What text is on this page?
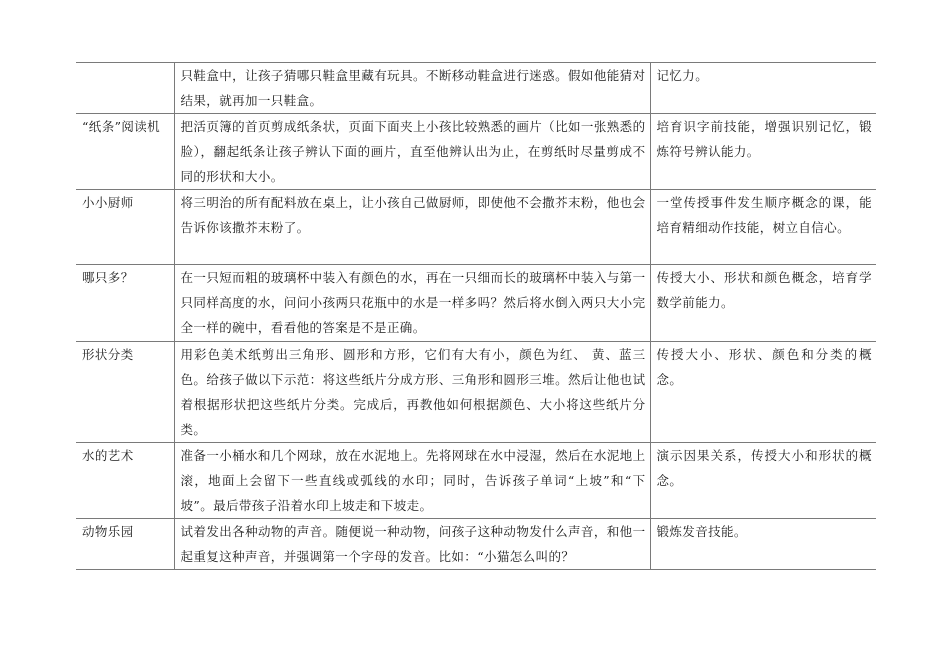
	只鞋盒中，让孩子猜哪只鞋盒里藏有玩具。不断移动鞋盒进行迷惑。假如他能猜对结果，就再加一只鞋盒。	记忆力。
“纸条”阅读机	把活页簿的首页剪成纸条状，页面下面夹上小孩比较熟悉的画片（比如一张熟悉的脸），翻起纸条让孩子辨认下面的画片，直至他辨认出为止，在剪纸时尽量剪成不同的形状和大小。	培育识字前技能，增强识别记忆，锻炼符号辨认能力。
小小厨师	将三明治的所有配料放在桌上，让小孩自己做厨师，即使他不会撒芥末粉，他也会告诉你该撒芥末粉了。	一堂传授事件发生顺序概念的课，能培育精细动作技能，树立自信心。
哪只多？	在一只短而粗的玻璃杯中装入有颜色的水，再在一只细而长的玻璃杯中装入与第一只同样高度的水，问问小孩两只花瓶中的水是一样多吗？然后将水倒入两只大小完全一样的碗中，看看他的答案是不是正确。	传授大小、形状和颜色概念，培育学数学前能力。
形状分类	用彩色美术纸剪出三角形、圆形和方形，它们有大有小，颜色为红、 黄、蓝三色。给孩子做以下示范：将这些纸片分成方形、三角形和圆形三堆。然后让他也试着根据形状把这些纸片分类。完成后，再教他如何根据颜色、大小将这些纸片分类。	传授大小、形状、颜色和分类的概念。
水的艺术	准备一小桶水和几个网球，放在水泥地上。先将网球在水中浸湿，然后在水泥地上滚，地面上会留下一些直线或弧线的水印；同时，告诉孩子单词“上坡”和“下坡”。最后带孩子沿着水印上坡走和下坡走。	演示因果关系，传授大小和形状的概念。
动物乐园	试着发出各种动物的声音。随便说一种动物，问孩子这种动物发什么声音，和他一起重复这种声音，并强调第一个字母的发音。比如：“小猫怎么叫的？	锻炼发音技能。
